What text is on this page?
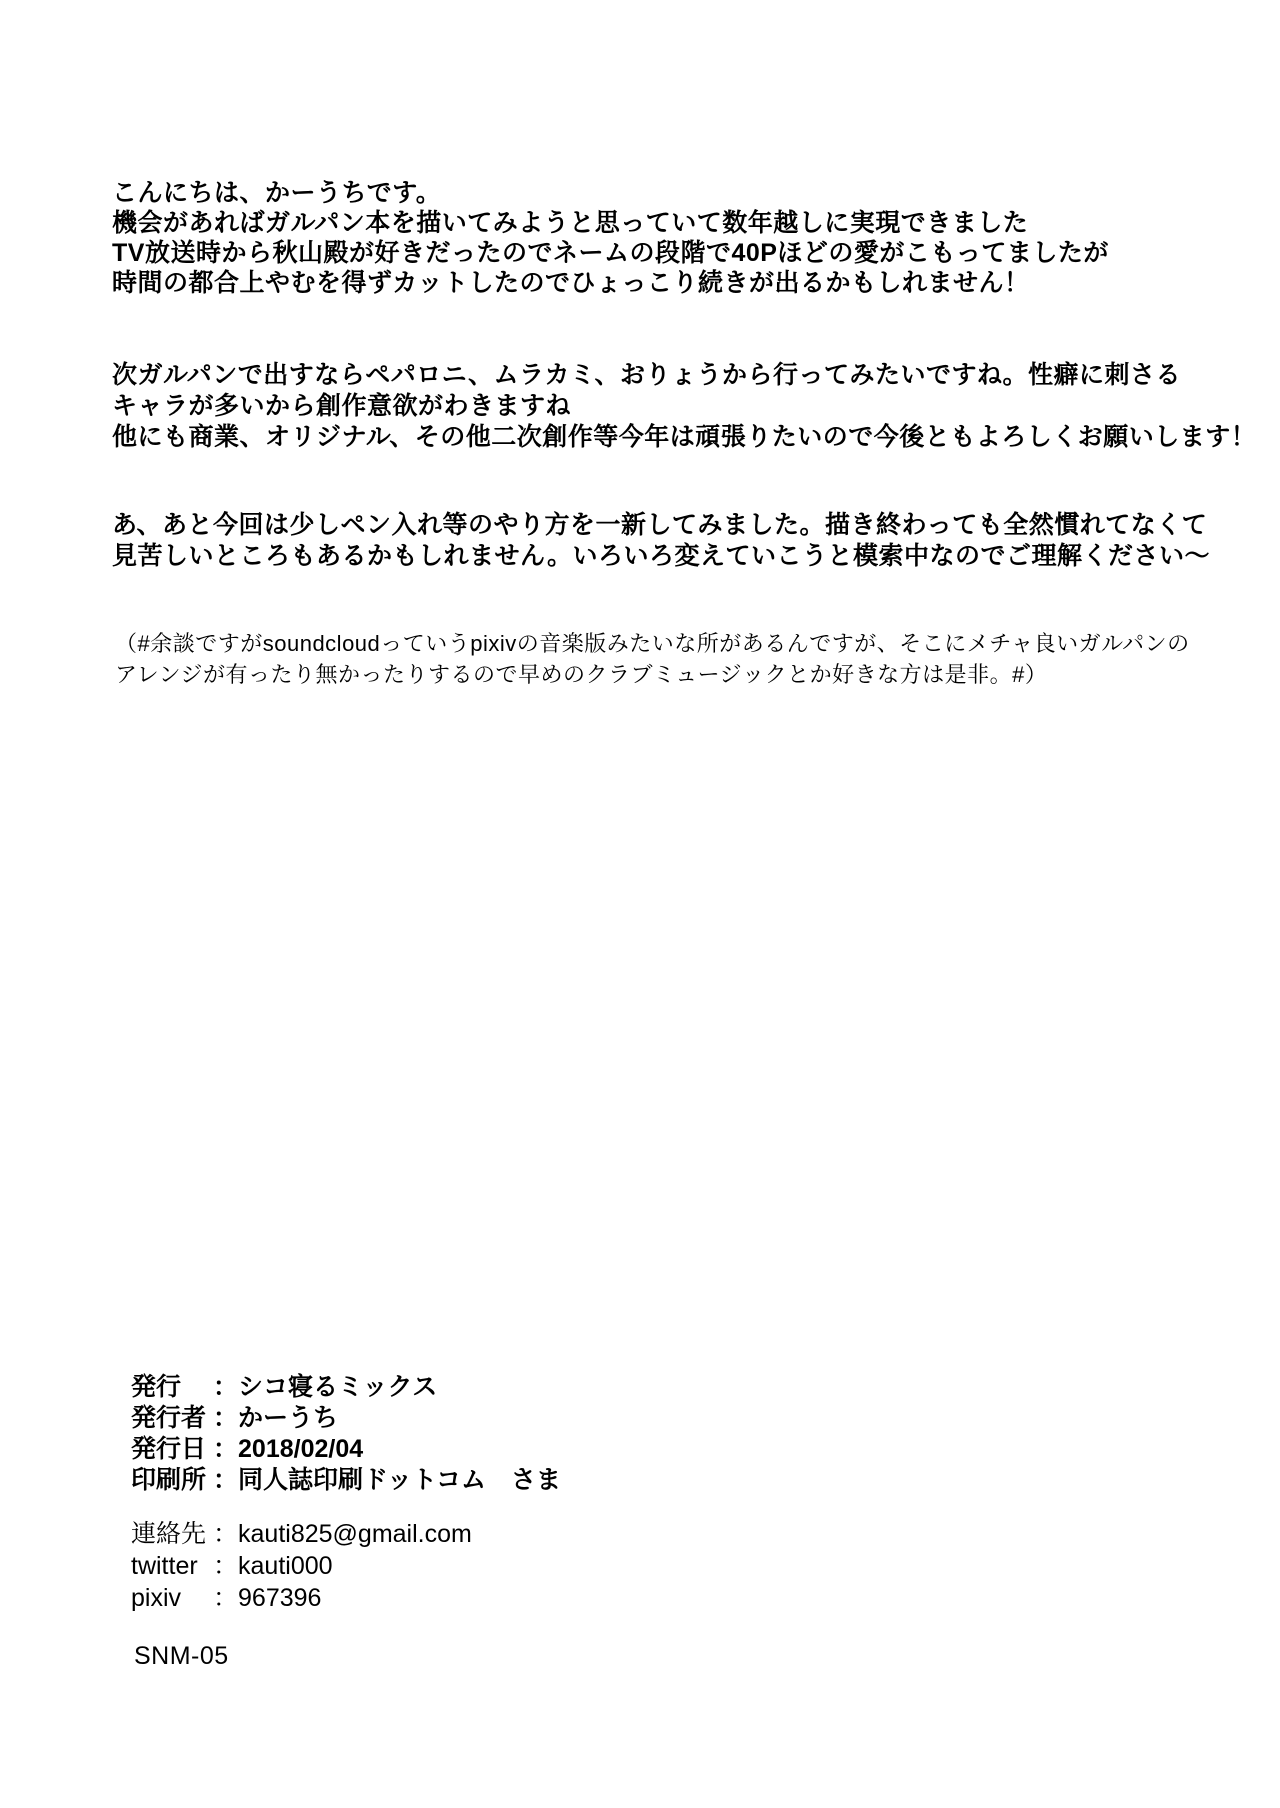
こんにちは、かーうちです。
機会があればガルパン本を描いてみようと思っていて数年越しに実現できました
TV放送時から秋山殿が好きだったのでネームの段階で40Pほどの愛がこもってましたが
時間の都合上やむを得ずカットしたのでひょっこり続きが出るかもしれません！
次ガルパンで出すならペパロニ、ムラカミ、おりょうから行ってみたいですね。性癖に刺さる
キャラが多いから創作意欲がわきますね
他にも商業、オリジナル、その他二次創作等今年は頑張りたいので今後ともよろしくお願いします！
あ、あと今回は少しペン入れ等のやり方を一新してみました。描き終わっても全然慣れてなくて
見苦しいところもあるかもしれません。いろいろ変えていこうと模索中なのでご理解ください〜
（#余談ですがsoundcloudっていうpixivの音楽版みたいな所があるんですが、そこにメチャ良いガルパンの
アレンジが有ったり無かったりするので早めのクラブミュージックとか好きな方は是非。#）
発行	： シコ寝るミックス
発行者 ： かーうち
発行日 ： 2018/02/04
印刷所 ： 同人誌印刷ドットコム　さま
連絡先 ： kauti825@gmail.com
twitter ： kauti000
pixiv	： 967396
SNM-05
